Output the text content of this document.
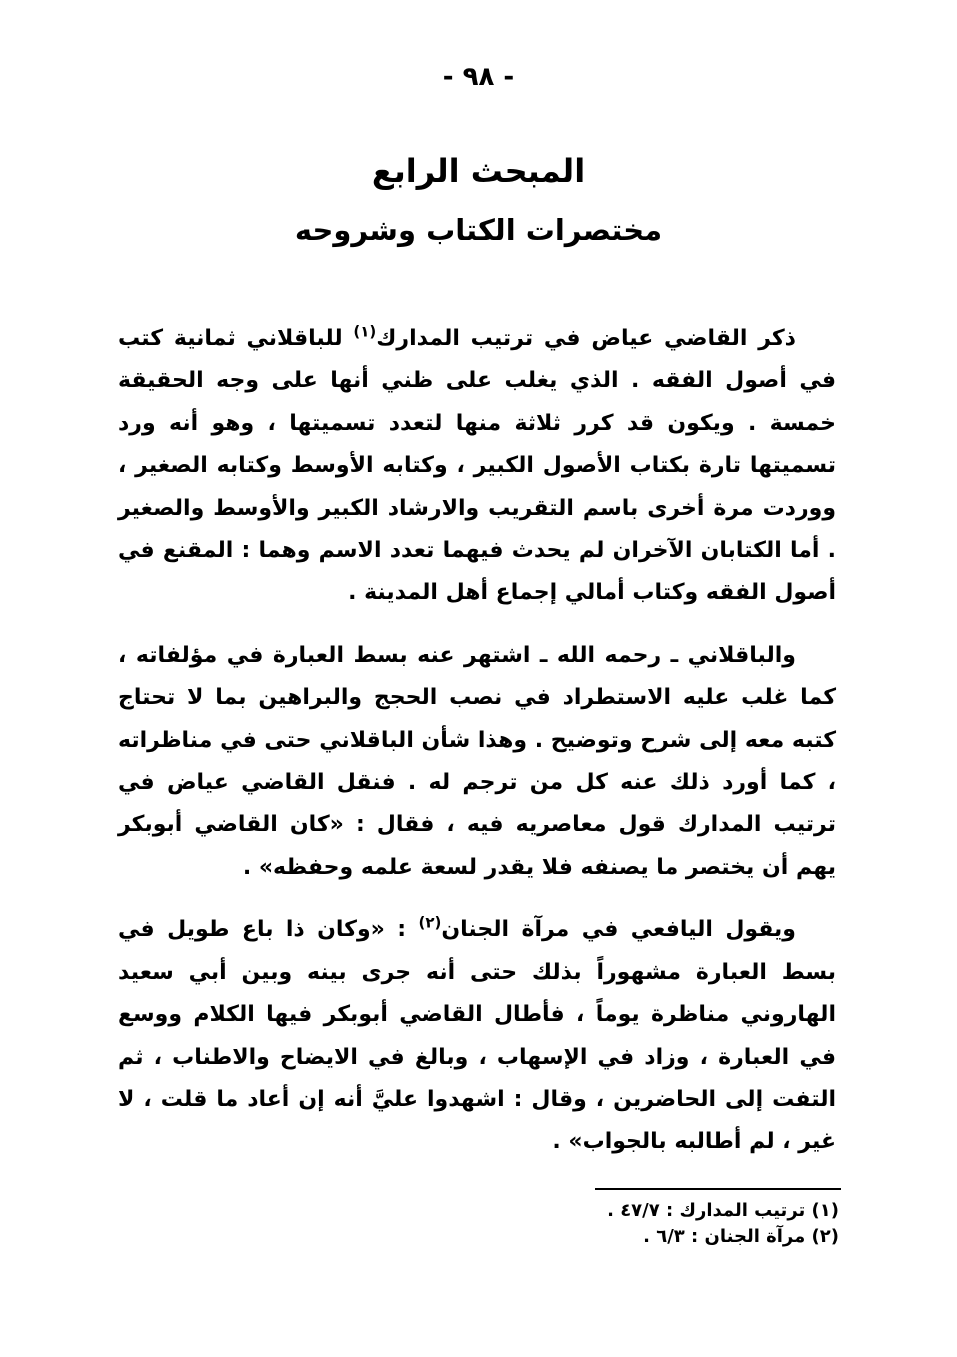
- ٩٨ -
المبحث الرابع
مختصرات الكتاب وشروحه

ذكر القاضي عياض في ترتيب المدارك$^{(١)}$ للباقلاني ثمانية كتب في أصول الفقه . الذي يغلب على ظني أنها على وجه الحقيقة خمسة . ويكون قد كرر ثلاثة منها لتعدد تسميتها ، وهو أنه ورد تسميتها تارة بكتاب الأصول الكبير ، وكتابه الأوسط وكتابه الصغير ، ووردت مرة أخرى باسم التقريب والارشاد الكبير والأوسط والصغير . أما الكتابان الآخران لم يحدث فيهما تعدد الاسم وهما : المقنع في أصول الفقه وكتاب أمالي إجماع أهل المدينة .

والباقلاني ـ رحمه الله ـ اشتهر عنه بسط العبارة في مؤلفاته ، كما غلب عليه الاستطراد في نصب الحجج والبراهين بما لا تحتاج كتبه معه إلى شرح وتوضيح . وهذا شأن الباقلاني حتى في مناظراته ، كما أورد ذلك عنه كل من ترجم له . فنقل القاضي عياض في ترتيب المدارك قول معاصريه فيه ، فقال : «كان القاضي أبوبكر يهم أن يختصر ما يصنفه فلا يقدر لسعة علمه وحفظه» .

ويقول اليافعي في مرآة الجنان$^{(٢)}$ : «وكان ذا باع طويل في بسط العبارة مشهوراً بذلك حتى أنه جرى بينه وبين أبي سعيد الهاروني مناظرة يوماً ، فأطال القاضي أبوبكر فيها الكلام ووسع في العبارة ، وزاد في الإسهاب ، وبالغ في الايضاح والاطناب ، ثم التفت إلى الحاضرين ، وقال : اشهدوا عليَّ أنه إن أعاد ما قلت ، لا غير ، لم أطالبه بالجواب» .

(١) ترتيب المدارك : ٤٧/٧ .
(٢) مرآة الجنان : ٦/٣ .
